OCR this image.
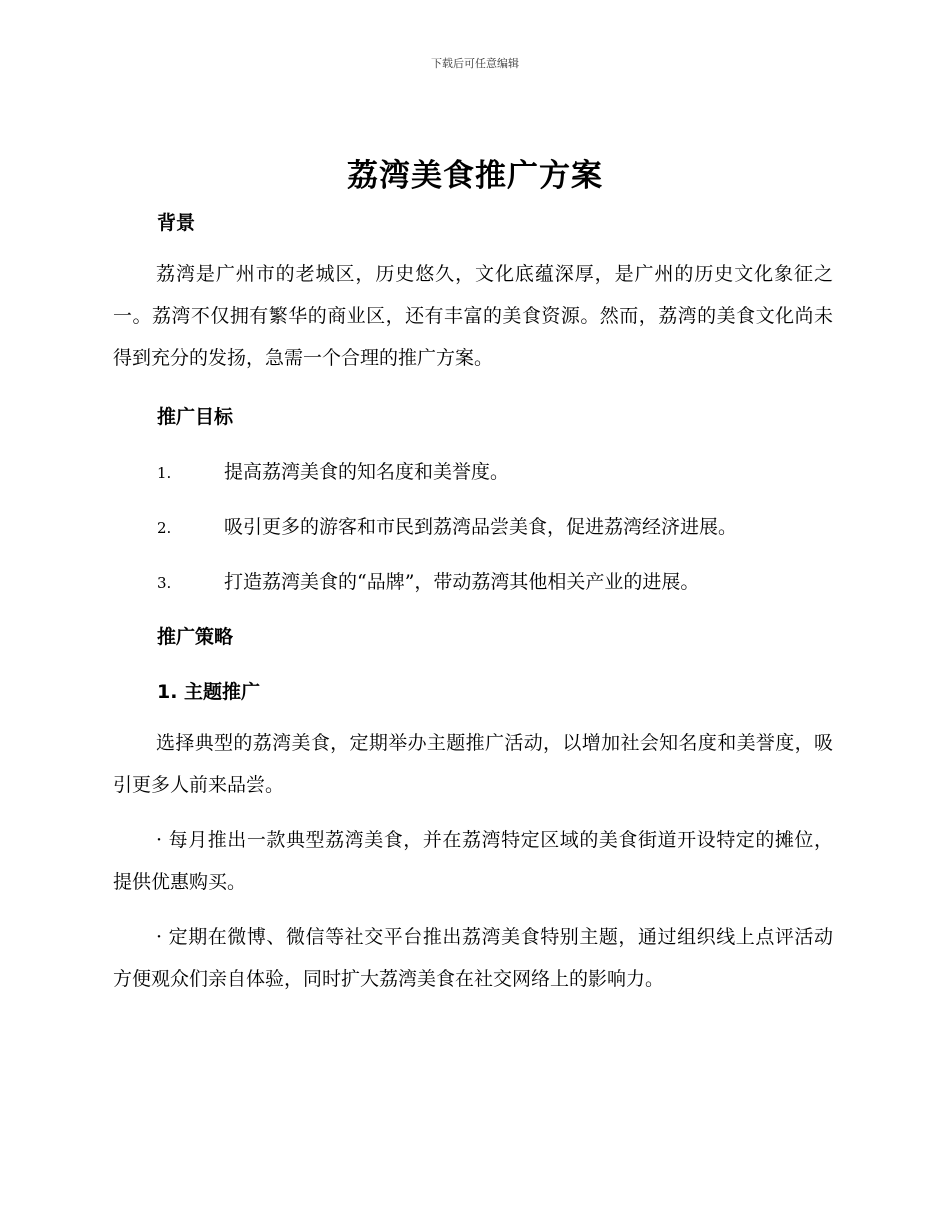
下载后可任意编辑
荔湾美食推广方案
背景
荔湾是广州市的老城区，历史悠久，文化底蕴深厚，是广州的历史文化象征之一。荔湾不仅拥有繁华的商业区，还有丰富的美食资源。然而，荔湾的美食文化尚未得到充分的发扬，急需一个合理的推广方案。
推广目标
1.	提高荔湾美食的知名度和美誉度。
2.	吸引更多的游客和市民到荔湾品尝美食，促进荔湾经济进展。
3.	打造荔湾美食的“品牌”，带动荔湾其他相关产业的进展。
推广策略
1. 主题推广
选择典型的荔湾美食，定期举办主题推广活动，以增加社会知名度和美誉度，吸引更多人前来品尝。
· 每月推出一款典型荔湾美食，并在荔湾特定区域的美食街道开设特定的摊位，提供优惠购买。
· 定期在微博、微信等社交平台推出荔湾美食特别主题，通过组织线上点评活动方便观众们亲自体验，同时扩大荔湾美食在社交网络上的影响力。
